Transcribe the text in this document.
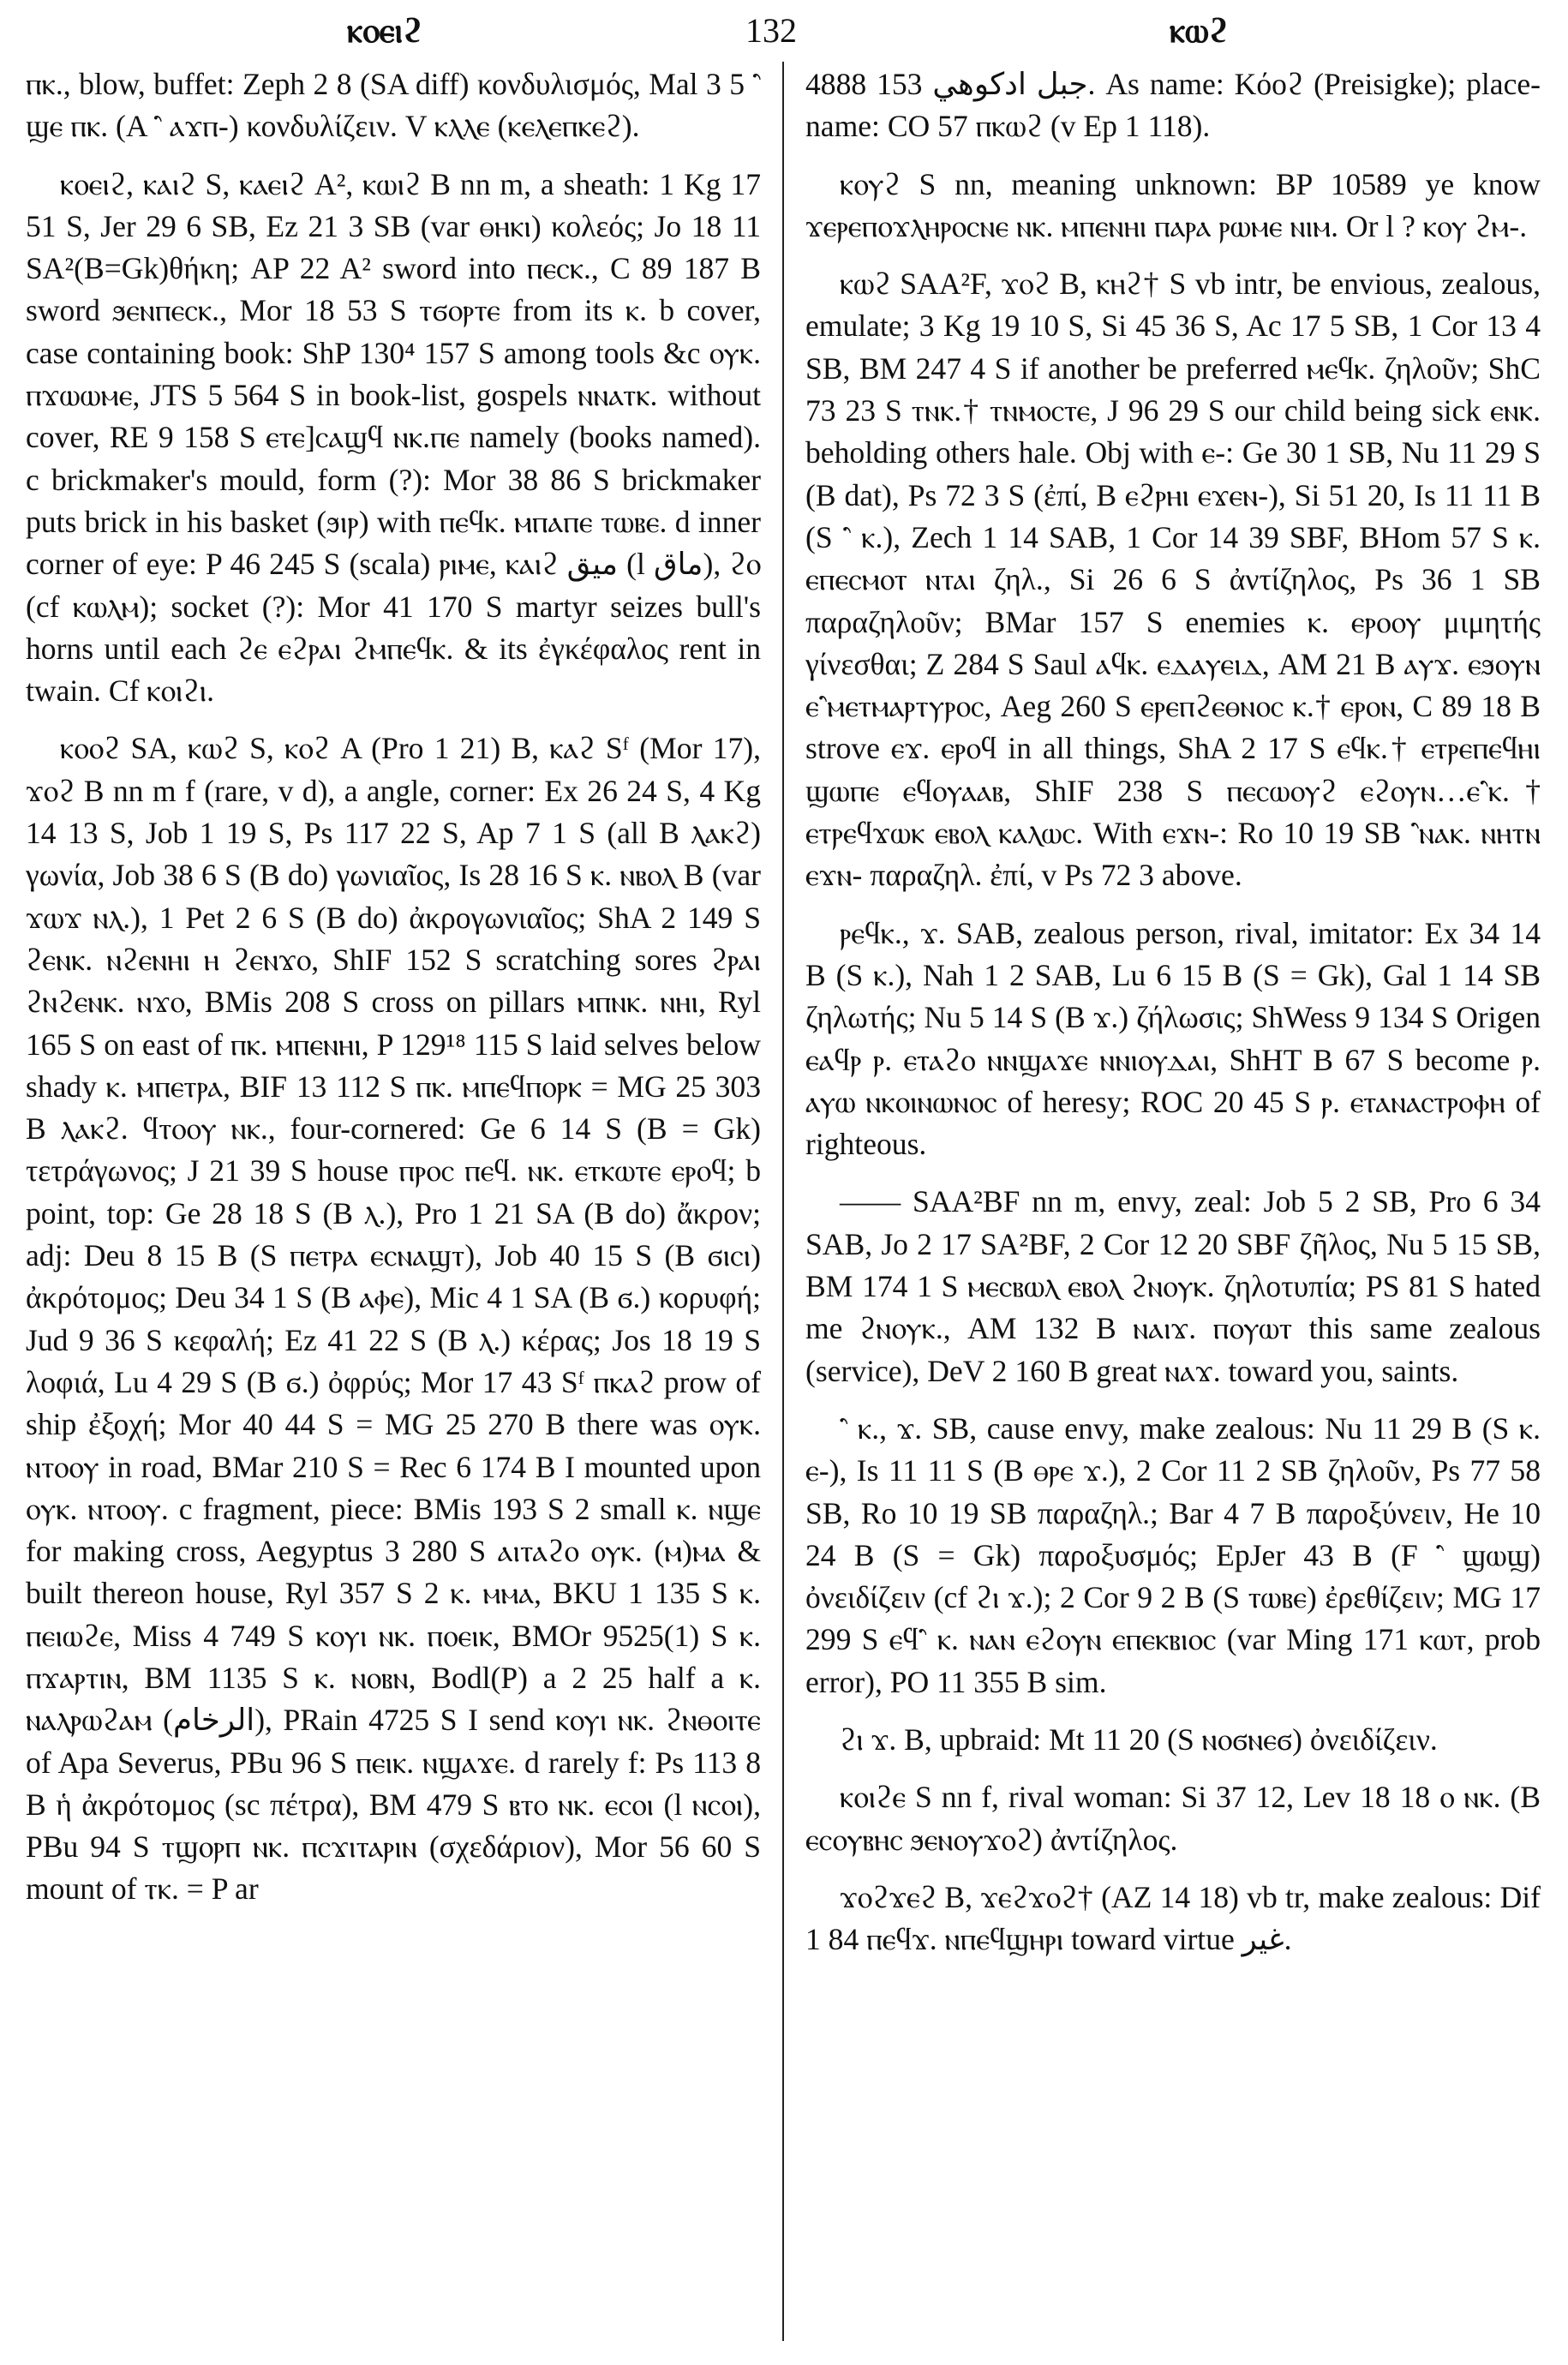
ⲕⲟⲉⲓϩ	132	ⲕⲱϩ

ⲡⲕ., blow, buffet: Zeph 2 8 (SA diff) κονδυλισμός, Mal 3 5 ⳿ ϣⲉ ⲡⲕ. (A ⳿ ⲁϫⲡ-) κονδυλίζειν. V ⲕⲗⲗⲉ (ⲕⲉⲗⲉⲡⲕⲉϩ).

ⲕⲟⲉⲓϩ, ⲕⲁⲓϩ S, ⲕⲁⲉⲓϩ A², ⲕⲱⲓϩ B nn m, a sheath: 1 Kg 17 51 S, Jer 29 6 SB, Ez 21 3 SB (var ⲑⲏⲕⲓ) κολεός; Jo 18 11 SA²(B=Gk)θήκη; AP 22 A² sword into ⲡⲉⲥⲕ., C 89 187 B sword ϧⲉⲛⲡⲉⲥⲕ., Mor 18 53 S ⲧϭⲟⲣⲧⲉ from its ⲕ. b cover, case containing book: ShP 130⁴ 157 S among tools &c ⲟⲩⲕ. ⲡϫⲱⲱⲙⲉ, JTS 5 564 S in book-list, gospels ⲛⲛⲁⲧⲕ. without cover, RE 9 158 S ⲉⲧⲉ]ⲥⲁϣϥ ⲛⲕ.ⲡⲉ namely (books named). c brickmaker's mould, form (?): Mor 38 86 S brickmaker puts brick in his basket (ϧⲓⲣ) with ⲡⲉϥⲕ. ⲙⲡⲁⲡⲉ ⲧⲱⲃⲉ. d inner corner of eye: P 46 245 S (scala) ⲣⲓⲙⲉ, ⲕⲁⲓϩ ﻣﻴﻖ (l ﻣﺎﻕ), ϩⲟ (cf ⲕⲱⲗⲙ); socket (?): Mor 41 170 S martyr seizes bull's horns until each ϩⲉ ⲉϩⲣⲁⲓ ϩⲙⲡⲉϥⲕ. & its ἐγκέφαλος rent in twain. Cf ⲕⲟⲓϩⲓ.

ⲕⲟⲟϩ SA, ⲕⲱϩ S, ⲕⲟϩ A (Pro 1 21) B, ⲕⲁϩ Sᶠ (Mor 17), ϫⲟϩ B nn m f (rare, v d), a angle, corner: Ex 26 24 S, 4 Kg 14 13 S, Job 1 19 S, Ps 117 22 S, Ap 7 1 S (all B ⲗⲁⲕϩ) γωνία, Job 38 6 S (B do) γωνιαῖος, Is 28 16 S ⲕ. ⲛⲃⲟⲗ B (var ϫⲱϫ ⲛⲗ.), 1 Pet 2 6 S (B do) ἀκρογωνιαῖος; ShA 2 149 S ϩⲉⲛⲕ. ⲛϩⲉⲛⲏⲓ ⲏ ϩⲉⲛϫⲟ, ShIF 152 S scratching sores ϩⲣⲁⲓ ϩⲛϩⲉⲛⲕ. ⲛϫⲟ, BMis 208 S cross on pillars ⲙⲡⲛⲕ. ⲛⲏⲓ, Ryl 165 S on east of ⲡⲕ. ⲙⲡⲉⲛⲏⲓ, P 129¹⁸ 115 S laid selves below shady ⲕ. ⲙⲡⲉⲧⲣⲁ, BIF 13 112 S ⲡⲕ. ⲙⲡⲉϥⲡⲟⲣⲕ = MG 25 303 B ⲗⲁⲕϩ. ϥⲧⲟⲟⲩ ⲛⲕ., four-cornered: Ge 6 14 S (B = Gk) τετράγωνος; J 21 39 S house ⲡⲣⲟⲥ ⲡⲉϥ. ⲛⲕ. ⲉⲧⲕⲱⲧⲉ ⲉⲣⲟϥ; b point, top: Ge 28 18 S (B ⲗ.), Pro 1 21 SA (B do) ἄκρον; adj: Deu 8 15 B (S ⲡⲉⲧⲣⲁ ⲉⲥⲛⲁϣⲧ), Job 40 15 S (B ϭⲓⲥⲓ) ἀκρότομος; Deu 34 1 S (B ⲁⲫⲉ), Mic 4 1 SA (B ϭ.) κορυφή; Jud 9 36 S κεφαλή; Ez 41 22 S (B ⲗ.) κέρας; Jos 18 19 S λοφιά, Lu 4 29 S (B ϭ.) ὀφρύς; Mor 17 43 Sᶠ ⲡⲕⲁϩ prow of ship ἐξοχή; Mor 40 44 S = MG 25 270 B there was ⲟⲩⲕ. ⲛⲧⲟⲟⲩ in road, BMar 210 S = Rec 6 174 B I mounted upon ⲟⲩⲕ. ⲛⲧⲟⲟⲩ. c fragment, piece: BMis 193 S 2 small ⲕ. ⲛϣⲉ for making cross, Aegyptus 3 280 S ⲁⲓⲧⲁϩⲟ ⲟⲩⲕ. (ⲙ)ⲙⲁ & built thereon house, Ryl 357 S 2 ⲕ. ⲙⲙⲁ, BKU 1 135 S ⲕ. ⲡⲉⲓⲱϩⲉ, Miss 4 749 S ⲕⲟⲩⲓ ⲛⲕ. ⲡⲟⲉⲓⲕ, BMOr 9525(1) S ⲕ. ⲡϫⲁⲣⲧⲓⲛ, BM 1135 S ⲕ. ⲛⲟⲃⲛ, Bodl(P) a 2 25 half a ⲕ. ⲛⲁⲗⲣⲱϩⲁⲙ (الرخام), PRain 4725 S I send ⲕⲟⲩⲓ ⲛⲕ. ϩⲛⲑⲟⲓⲧⲉ of Apa Severus, PBu 96 S ⲡⲉⲓⲕ. ⲛϣⲁϫⲉ. d rarely f: Ps 113 8 B ἡ ἀκρότομος (sc πέτρα), BM 479 S ⲃⲧⲟ ⲛⲕ. ⲉⲥⲟⲓ (l ⲛⲥⲟⲓ), PBu 94 S ⲧϣⲟⲣⲡ ⲛⲕ. ⲡⲥϫⲓⲧⲁⲣⲓⲛ (σχεδάριον), Mor 56 60 S mount of ⲧⲕ. = P ar

4888 153 ﺟﺒﻞ ﺍﺩﻛﻮﻫﻲ. As name: Κόοϩ (Preisigke); place-name: CO 57 ⲡⲕⲱϩ (v Ep 1 118).

ⲕⲟⲩϩ S nn, meaning unknown: BP 10589 ye know ϫⲉⲣⲉⲡⲟϫⲗⲏⲣⲟⲥⲛⲉ ⲛⲕ. ⲙⲡⲉⲛⲏⲓ ⲡⲁⲣⲁ ⲣⲱⲙⲉ ⲛⲓⲙ. Or l ? ⲕⲟⲩ ϩⲙ-.

ⲕⲱϩ SAA²F, ϫⲟϩ B, ⲕⲏϩ† S vb intr, be envious, zealous, emulate; 3 Kg 19 10 S, Si 45 36 S, Ac 17 5 SB, 1 Cor 13 4 SB, BM 247 4 S if another be preferred ⲙⲉϥⲕ. ζηλοῦν; ShC 73 23 S ⲧⲛⲕ.† ⲧⲛⲙⲟⲥⲧⲉ, J 96 29 S our child being sick ⲉⲛⲕ. beholding others hale. Obj with ⲉ-: Ge 30 1 SB, Nu 11 29 S (B dat), Ps 72 3 S (ἐπί, B ⲉϩⲣⲏⲓ ⲉϫⲉⲛ-), Si 51 20, Is 11 11 B (S ⳿ ⲕ.), Zech 1 14 SAB, 1 Cor 14 39 SBF, BHom 57 S ⲕ. ⲉⲡⲉⲥⲙⲟⲧ ⲛⲧⲁⲓ ζηλ., Si 26 6 S ἀντίζηλος, Ps 36 1 SB παραζηλοῦν; BMar 157 S enemies ⲕ. ⲉⲣⲟⲟⲩ μιμητής γίνεσθαι; Z 284 S Saul ⲁϥⲕ. ⲉⲇⲁⲩⲉⲓⲇ, AM 21 B ⲁⲩϫ. ⲉϧⲟⲩⲛ ⲉ⳿ⲙⲉⲧⲙⲁⲣⲧⲩⲣⲟⲥ, Aeg 260 S ⲉⲣⲉⲡϩⲉⲑⲛⲟⲥ ⲕ.† ⲉⲣⲟⲛ, C 89 18 B strove ⲉϫ. ⲉⲣⲟϥ in all things, ShA 2 17 S ⲉϥⲕ.† ⲉⲧⲣⲉⲡⲉϥⲏⲓ ϣⲱⲡⲉ ⲉϥⲟⲩⲁⲁⲃ, ShIF 238 S ⲡⲉⲥⲱⲟⲩϩ ⲉϩⲟⲩⲛ…ⲉ⳿ⲕ.† ⲉⲧⲣⲉϥϫⲱⲕ ⲉⲃⲟⲗ ⲕⲁⲗⲱⲥ. With ⲉϫⲛ-: Ro 10 19 SB ⳿ⲛⲁⲕ. ⲛⲏⲧⲛ ⲉϫⲛ- παραζηλ. ἐπί, v Ps 72 3 above.

ⲣⲉϥⲕ., ϫ. SAB, zealous person, rival, imitator: Ex 34 14 B (S ⲕ.), Nah 1 2 SAB, Lu 6 15 B (S = Gk), Gal 1 14 SB ζηλωτής; Nu 5 14 S (B ϫ.) ζήλωσις; ShWess 9 134 S Origen ⲉⲁϥⲣ ⲣ. ⲉⲧⲁϩⲟ ⲛⲛϣⲁϫⲉ ⲛⲛⲓⲟⲩⲇⲁⲓ, ShHT B 67 S become ⲣ. ⲁⲩⲱ ⲛⲕⲟⲓⲛⲱⲛⲟⲥ of heresy; ROC 20 45 S ⲣ. ⲉⲧⲁⲛⲁⲥⲧⲣⲟⲫⲏ of righteous.

—— SAA²BF nn m, envy, zeal: Job 5 2 SB, Pro 6 34 SAB, Jo 2 17 SA²BF, 2 Cor 12 20 SBF ζῆλος, Nu 5 15 SB, BM 174 1 S ⲙⲉⲥⲃⲱⲗ ⲉⲃⲟⲗ ϩⲛⲟⲩⲕ. ζηλοτυπία; PS 81 S hated me ϩⲛⲟⲩⲕ., AM 132 B ⲛⲁⲓϫ. ⲡⲟⲩⲱⲧ this same zealous (service), DeV 2 160 B great ⲛⲁϫ. toward you, saints.

⳿ ⲕ., ϫ. SB, cause envy, make zealous: Nu 11 29 B (S ⲕ. ⲉ-), Is 11 11 S (B ⲑⲣⲉ ϫ.), 2 Cor 11 2 SB ζηλοῦν, Ps 77 58 SB, Ro 10 19 SB παραζηλ.; Bar 4 7 B παροξύνειν, He 10 24 B (S = Gk) παροξυσμός; EpJer 43 B (F ⳿ ϣⲱϣ) ὀνειδίζειν (cf ϩⲓ ϫ.); 2 Cor 9 2 B (S ⲧⲱⲃⲉ) ἐρεθίζειν; MG 17 299 S ⲉϥ⳿ ⲕ. ⲛⲁⲛ ⲉϩⲟⲩⲛ ⲉⲡⲉⲕⲃⲓⲟⲥ (var Ming 171 ⲕⲱⲧ, prob error), PO 11 355 B sim.

ϩⲓ ϫ. B, upbraid: Mt 11 20 (S ⲛⲟϭⲛⲉϭ) ὀνειδίζειν.

ⲕⲟⲓϩⲉ S nn f, rival woman: Si 37 12, Lev 18 18 ⲟ ⲛⲕ. (B ⲉⲥⲟⲩⲃⲏⲥ ϧⲉⲛⲟⲩϫⲟϩ) ἀντίζηλος.

ϫⲟϩϫⲉϩ B, ϫⲉϩϫⲟϩ† (AZ 14 18) vb tr, make zealous: Dif 1 84 ⲡⲉϥϫ. ⲛⲡⲉϥϣⲏⲣⲓ toward virtue ﻏﻴﺮ.
